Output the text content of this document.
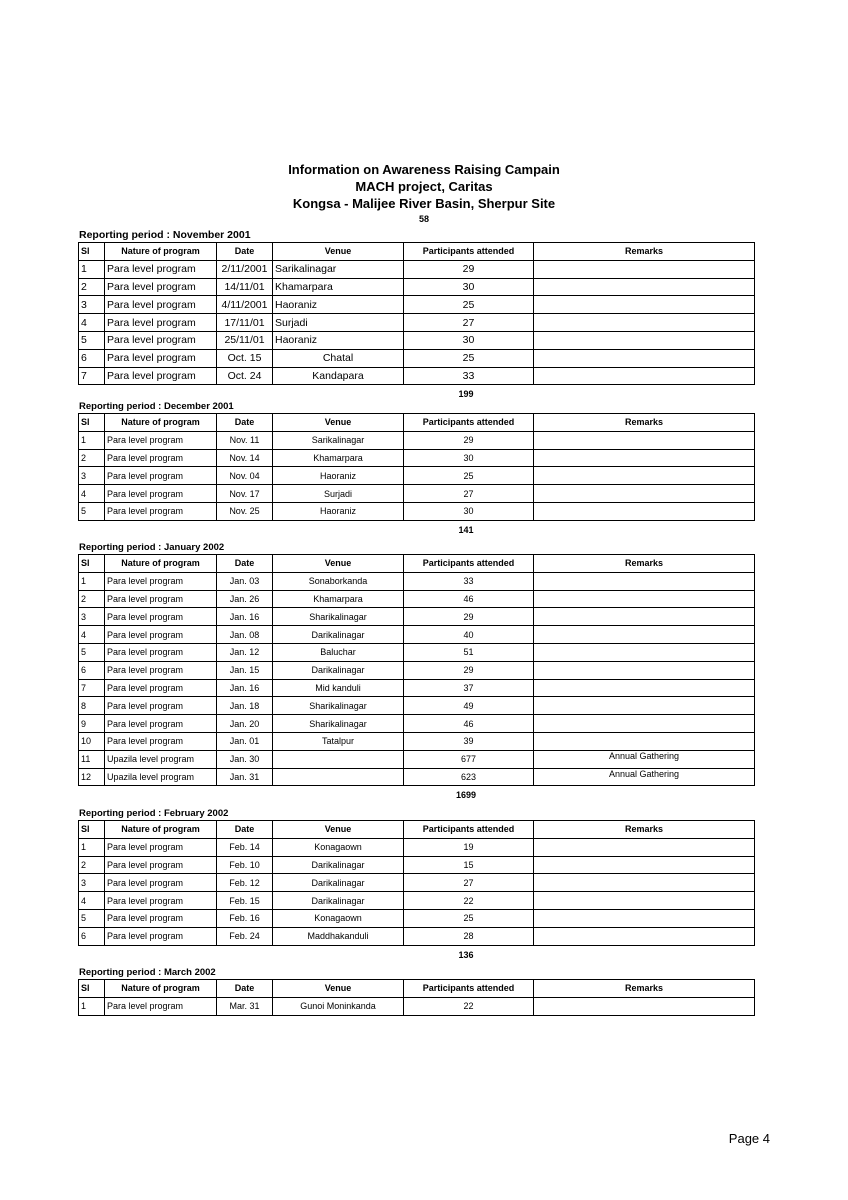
Information on Awareness Raising Campain
MACH project, Caritas
Kongsa - Malijee River Basin, Sherpur Site
58
Reporting period : November 2001
Sl	Nature of program	Date	Venue	Participants attended	Remarks
1	Para level program	2/11/2001	Sarikalinagar	29	
2	Para level program	14/11/01	Khamarpara	30	
3	Para level program	4/11/2001	Haoraniz	25	
4	Para level program	17/11/01	Surjadi	27	
5	Para level program	25/11/01	Haoraniz	30	
6	Para level program	Oct. 15	Chatal	25	
7	Para level program	Oct. 24	Kandapara	33	
199
Reporting period : December 2001
Sl	Nature of program	Date	Venue	Participants attended	Remarks
1	Para level program	Nov. 11	Sarikalinagar	29	
2	Para level program	Nov. 14	Khamarpara	30	
3	Para level program	Nov. 04	Haoraniz	25	
4	Para level program	Nov. 17	Surjadi	27	
5	Para level program	Nov. 25	Haoraniz	30	
141
Reporting period : January 2002
Sl	Nature of program	Date	Venue	Participants attended	Remarks
1	Para level program	Jan. 03	Sonaborkanda	33	
2	Para level program	Jan. 26	Khamarpara	46	
3	Para level program	Jan. 16	Sharikalinagar	29	
4	Para level program	Jan. 08	Darikalinagar	40	
5	Para level program	Jan. 12	Baluchar	51	
6	Para level program	Jan. 15	Darikalinagar	29	
7	Para level program	Jan. 16	Mid kanduli	37	
8	Para level program	Jan. 18	Sharikalinagar	49	
9	Para level program	Jan. 20	Sharikalinagar	46	
10	Para level program	Jan. 01	Tatalpur	39	
11	Upazila level program	Jan. 30		677	Annual Gathering
12	Upazila level program	Jan. 31		623	Annual Gathering
1699
Reporting period : February 2002
Sl	Nature of program	Date	Venue	Participants attended	Remarks
1	Para level program	Feb. 14	Konagaown	19	
2	Para level program	Feb. 10	Darikalinagar	15	
3	Para level program	Feb. 12	Darikalinagar	27	
4	Para level program	Feb. 15	Darikalinagar	22	
5	Para level program	Feb. 16	Konagaown	25	
6	Para level program	Feb. 24	Maddhakanduli	28	
136
Reporting period : March 2002
Sl	Nature of program	Date	Venue	Participants attended	Remarks
1	Para level program	Mar. 31	Gunoi Moninkanda	22	
Page 4
